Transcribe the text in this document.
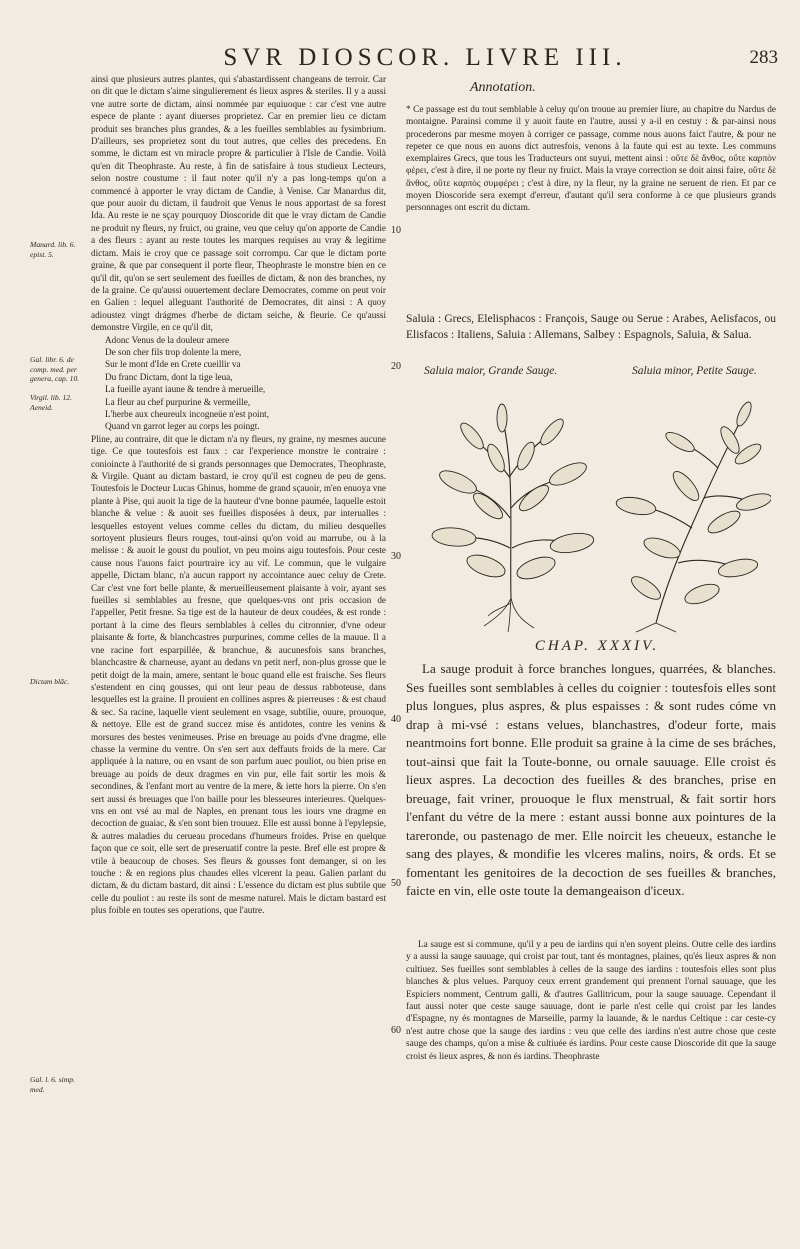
SVR DIOSCOR. LIVRE III.	283

ainsi que plusieurs autres plantes, qui s'abastardissent changeans de terroir. Car on dit que le dictam s'aime singulierement és lieux aspres & steriles. Il y a aussi vne autre sorte de dictam, ainsi nommée par equiuoque : car c'est vne autre espece de plante : ayant diuerses proprietez. Car en premier lieu ce dictam produit ses branches plus grandes, & a les fueilles semblables au fysimbrium. D'ailleurs, ses proprietez sont du tout autres, que celles des precedens. En somme, le dictam est vn miracle propre & particulier à l'Isle de Candie. Voilà qu'en dit Theophraste. Au reste, à fin de satisfaire à tous studieux Lecteurs, selon nostre coustume : il faut noter qu'il n'y a pas long-temps qu'on a commencé à apporter le vray dictam de Candie, à Venise. Car Manardus dit, que pour auoir du dictam, il faudroit que Venus le nous apportast de sa forest Ida. Au reste ie ne sçay pourquoy Dioscoride dit que le vray dictam de Candie ne produit ny fleurs, ny fruict, ou graine, veu que celuy qu'on apporte de Candie a des fleurs : ayant au reste toutes les marques requises au vray & legitime dictam. Mais ie croy que ce passage soit corrompu. Car que le dictam porte graine, & que par consequent il porte fleur, Theophraste le monstre bien en ce qu'il dit, qu'on se sert seulement des fueilles de dictam, & non des branches, ny de la graine. Ce qu'aussi ouuertement declare Democrates, comme on peut voir en Galien : lequel alleguant l'authorité de Democrates, dit ainsi : A quoy adioustez vingt drágmes d'herbe de dictam seiche, & fleurie. Ce qu'aussi demonstre Virgile, en ce qu'il dit,

Adonc Venus de la douleur amere
De son cher fils trop dolente la mere,
Sur le mont d'Ide en Crete cueillir va
Du franc Dictam, dont la tige leua,
La fueille ayant iaune & tendre à merueille,
La fleur au chef purpurine & vermeille,
L'herbe aux cheureulx incogneüe n'est point,
Quand vn garrot leger au corps les poingt.

Pline, au contraire, dit que le dictam n'a ny fleurs, ny graine, ny mesmes aucune tige. Ce que toutesfois est faux : car l'experience monstre le contraire : conioincte à l'authorité de si grands personnages que Democrates, Theophraste, & Virgile. Quant au dictam bastard, ie croy qu'il est cogneu de peu de gens. Toutesfois le Docteur Lucas Ghinus, homme de grand sçauoir, m'en enuoya vne plante à Pise, qui auoit la tige de la hauteur d'vne bonne paumée, laquelle estoit blanche & velue : & auoit ses fueilles disposées à deux, par interualles : lesquelles estoyent velues comme celles du dictam, du milieu desquelles sortoyent plusieurs fleurs rouges, tout-ainsi qu'on void au marrube, ou à la melisse : & auoit le goust du pouliot, vn peu moins aigu toutesfois. Pour ceste cause nous l'auons faict pourtraire icy au vif. Le commun, que le vulgaire appelle, Dictam blanc, n'a aucun rapport ny accointance auec celuy de Crete. Car c'est vne fort belle plante, & merueilleusement plaisante à voir, ayant ses fueilles si semblables au fresne, que quelques-vns ont pris occasion de l'appeller, Petit fresne. Sa tige est de la hauteur de deux coudées, & est ronde : portant à la cime des fleurs semblables à celles du citronnier, d'vne odeur plaisante & forte, & blanchcastres purpurines, comme celles de la mauue. Il a vne racine fort esparpillée, & branchue, & aucunesfois sans branches, blanchcastre & charneuse, ayant au dedans vn petit nerf, non-plus grosse que le petit doigt de la main, amere, sentant le bouc quand elle est fraische. Ses fleurs s'estendent en cinq gousses, qui ont leur peau de dessus rabboteuse, dans lesquelles est la graine. Il prouient en collines aspres & pierreuses : & est chaud & sec. Sa racine, laquelle vient seulement en vsage, subtilie, ouure, prouoque, & nettoye. Elle est de grand succez mise és antidotes, contre les venins & morsures des bestes venimeuses. Prise en breuage au poids d'vne dragme, elle chasse la vermine du ventre. On s'en sert aux deffauts froids de la mere. Car appliquée à la nature, ou en vsant de son parfum auec pouliot, ou bien prise en breuage au poids de deux dragmes en vin pur, elle fait sortir les mois & secondines, & l'enfant mort au ventre de la mere, & iette hors la pierre. On s'en sert aussi és breuages que l'on baille pour les blesseures interieures. Quelques-vns en ont vsé au mal de Naples, en prenant tous les iours vne dragme en decoction de guaiac, & s'en sont bien trouuez. Elle est aussi bonne à l'epylepsie, & autres maladies du cerueau procedans d'humeurs froides. Prise en quelque façon que ce soit, elle sert de preseruatif contre la peste. Bref elle est propre & vtile à beaucoup de choses. Ses fleurs & gousses font demanger, si on les touche : & en regions plus chaudes elles vlcerent la peau. Galien parlant du dictam, & du dictam bastard, dit ainsi : L'essence du dictam est plus subtile que celle du pouliot : au reste ils sont de mesme naturel. Mais le dictam bastard est plus foible en toutes ses operations, que l'autre.

Manard. lib. 6. epist. 5.
Gal. libr. 6. de comp. med. per genera, cap. 10.
Virgil. lib. 12. Aeneid.
Dictam blãc.
Gal. l. 6. simp. med.
10
20
30
40
50
60
Annotation.

* Ce passage est du tout semblable à celuy qu'on trouue au premier liure, au chapitre du Nardus de montaigne. Parainsi comme il y auoit faute en l'autre, aussi y a-il en cestuy : & par-ainsi nous procederons par mesme moyen à corriger ce passage, comme nous auons faict l'autre, & pour ne repeter ce que nous en auons dict autresfois, venons à la faute qui est au texte. Les communs exemplaires Grecs, que tous les Traducteurs ont suyui, mettent ainsi : οὔτε δὲ ἄνθος, οὔτε καρπὸν φέρει, c'est à dire, il ne porte ny fleur ny fruict. Mais la vraye correction se doit ainsi faire, οὔτε δὲ ἄνθος, οὔτε καρπὸς συμφέρει ; c'est à dire, ny la fleur, ny la graine ne seruent de rien. Et par ce moyen Dioscoride sera exempt d'erreur, d'autant qu'il sera conforme à ce que plusieurs grands personnages ont escrit du dictam.

Saluia : Grecs, Elelisphacos : François, Sauge ou Serue : Arabes, Aelisfacos, ou Elisfacos : Italiens, Saluia : Allemans, Salbey : Espagnols, Saluia, & Salua.

Saluia maior, Grande Sauge.	Saluia minor, Petite Sauge.
CHAP. XXXIV.

La sauge produit à force branches longues, quarrées, & blanches. Ses fueilles sont semblables à celles du coignier : toutesfois elles sont plus longues, plus aspres, & plus espaisses : & sont rudes cóme vn drap à mi-vsé : estans velues, blanchastres, d'odeur forte, mais neantmoins fort bonne. Elle produit sa graine à la cime de ses bráches, tout-ainsi que fait la Toute-bonne, ou ornale sauuage. Elle croist és lieux aspres. La decoction des fueilles & des branches, prise en breuage, fait vriner, prouoque le flux menstrual, & fait sortir hors l'enfant du vétre de la mere : estant aussi bonne aux pointures de la tareronde, ou pastenago de mer. Elle noircit les cheueux, estanche le sang des playes, & mondifie les vlceres malins, noirs, & ords. Et se fomentant les genitoires de la decoction de ses fueilles & branches, faicte en vin, elle oste toute la demangeaison d'iceux.

La sauge est si commune, qu'il y a peu de iardins qui n'en soyent pleins. Outre celle des iardins y a aussi la sauge sauuage, qui croist par tout, tant és montagnes, plaines, qu'és lieux aspres & non cultiuez. Ses fueilles sont semblables à celles de la sauge des iardins : toutesfois elles sont plus blanches & plus velues. Parquoy ceux errent grandement qui prennent l'ornal sauuage, que les Espiciers nomment, Centrum galli, & d'autres Gallitricum, pour la sauge sauuage. Cependant il faut aussi noter que ceste sauge sauuage, dont ie parle n'est celle qui croist par les landes d'Espagne, ny és montagnes de Marseille, parmy la lauande, & le nardus Celtique : car ceste-cy n'est autre chose que la sauge des iardins : veu que celle des iardins n'est autre chose que ceste sauge des champs, qu'on a mise & cultiuée és iardins. Pour ceste cause Dioscoride dit que la sauge croist és lieux aspres, & non és iardins. Theophraste
